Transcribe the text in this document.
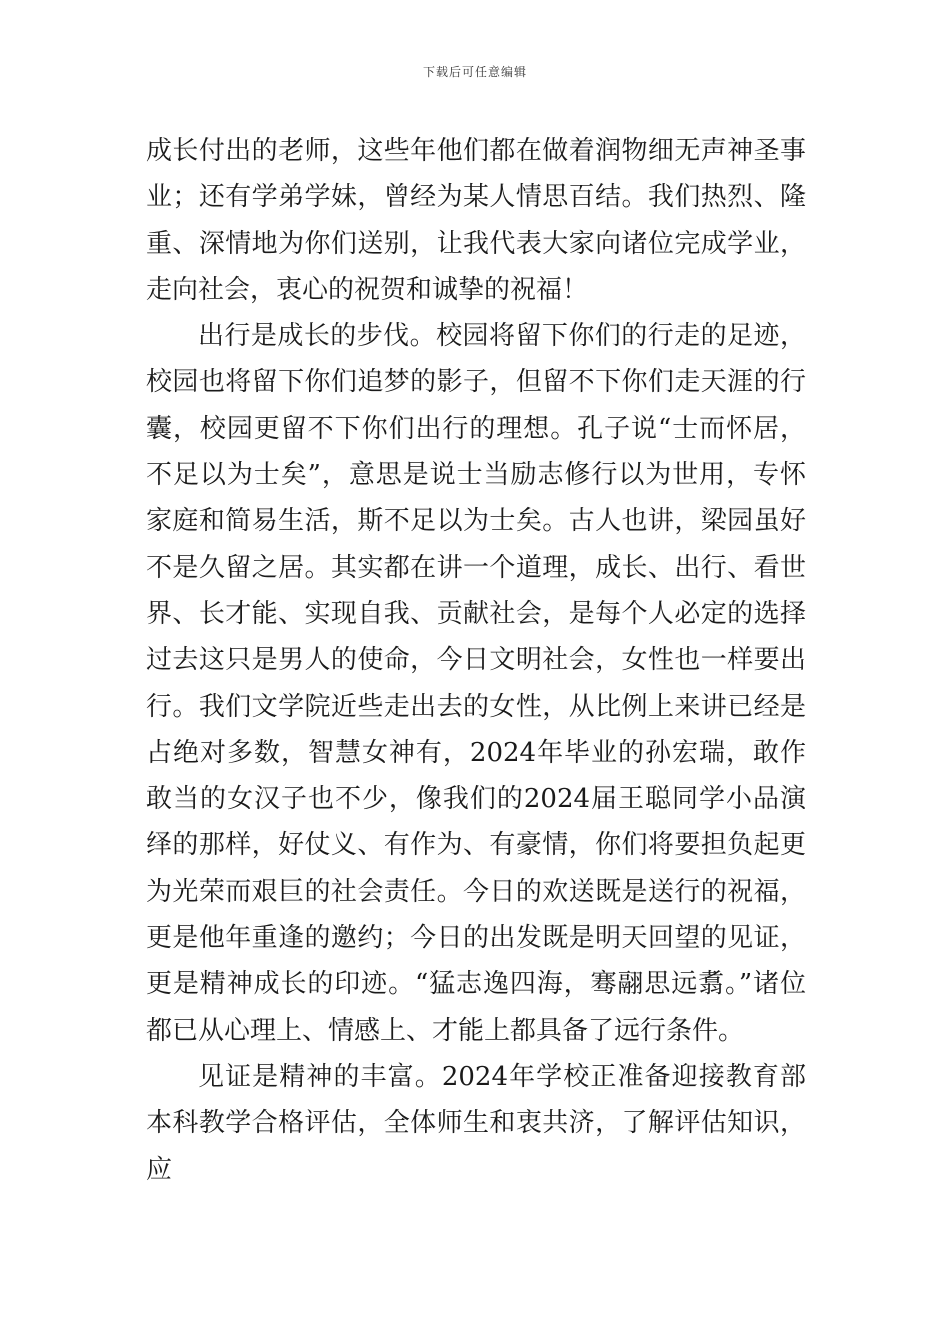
下载后可任意编辑

成长付出的老师，这些年他们都在做着润物细无声神圣事业；还有学弟学妹，曾经为某人情思百结。我们热烈、隆重、深情地为你们送别，让我代表大家向诸位完成学业，走向社会，衷心的祝贺和诚挚的祝福！

出行是成长的步伐。校园将留下你们的行走的足迹，校园也将留下你们追梦的影子，但留不下你们走天涯的行囊，校园更留不下你们出行的理想。孔子说“士而怀居，不足以为士矣”，意思是说士当励志修行以为世用，专怀家庭和简易生活，斯不足以为士矣。古人也讲，梁园虽好不是久留之居。其实都在讲一个道理，成长、出行、看世界、长才能、实现自我、贡献社会，是每个人必定的选择过去这只是男人的使命，今日文明社会，女性也一样要出行。我们文学院近些走出去的女性，从比例上来讲已经是占绝对多数，智慧女神有，2024年毕业的孙宏瑞，敢作敢当的女汉子也不少，像我们的2024届王聪同学小品演绎的那样，好仗义、有作为、有豪情，你们将要担负起更为光荣而艰巨的社会责任。今日的欢送既是送行的祝福，更是他年重逢的邀约；今日的出发既是明天回望的见证，更是精神成长的印迹。“猛志逸四海，骞翮思远翥。”诸位都已从心理上、情感上、才能上都具备了远行条件。

见证是精神的丰富。2024年学校正准备迎接教育部本科教学合格评估，全体师生和衷共济，了解评估知识，应
